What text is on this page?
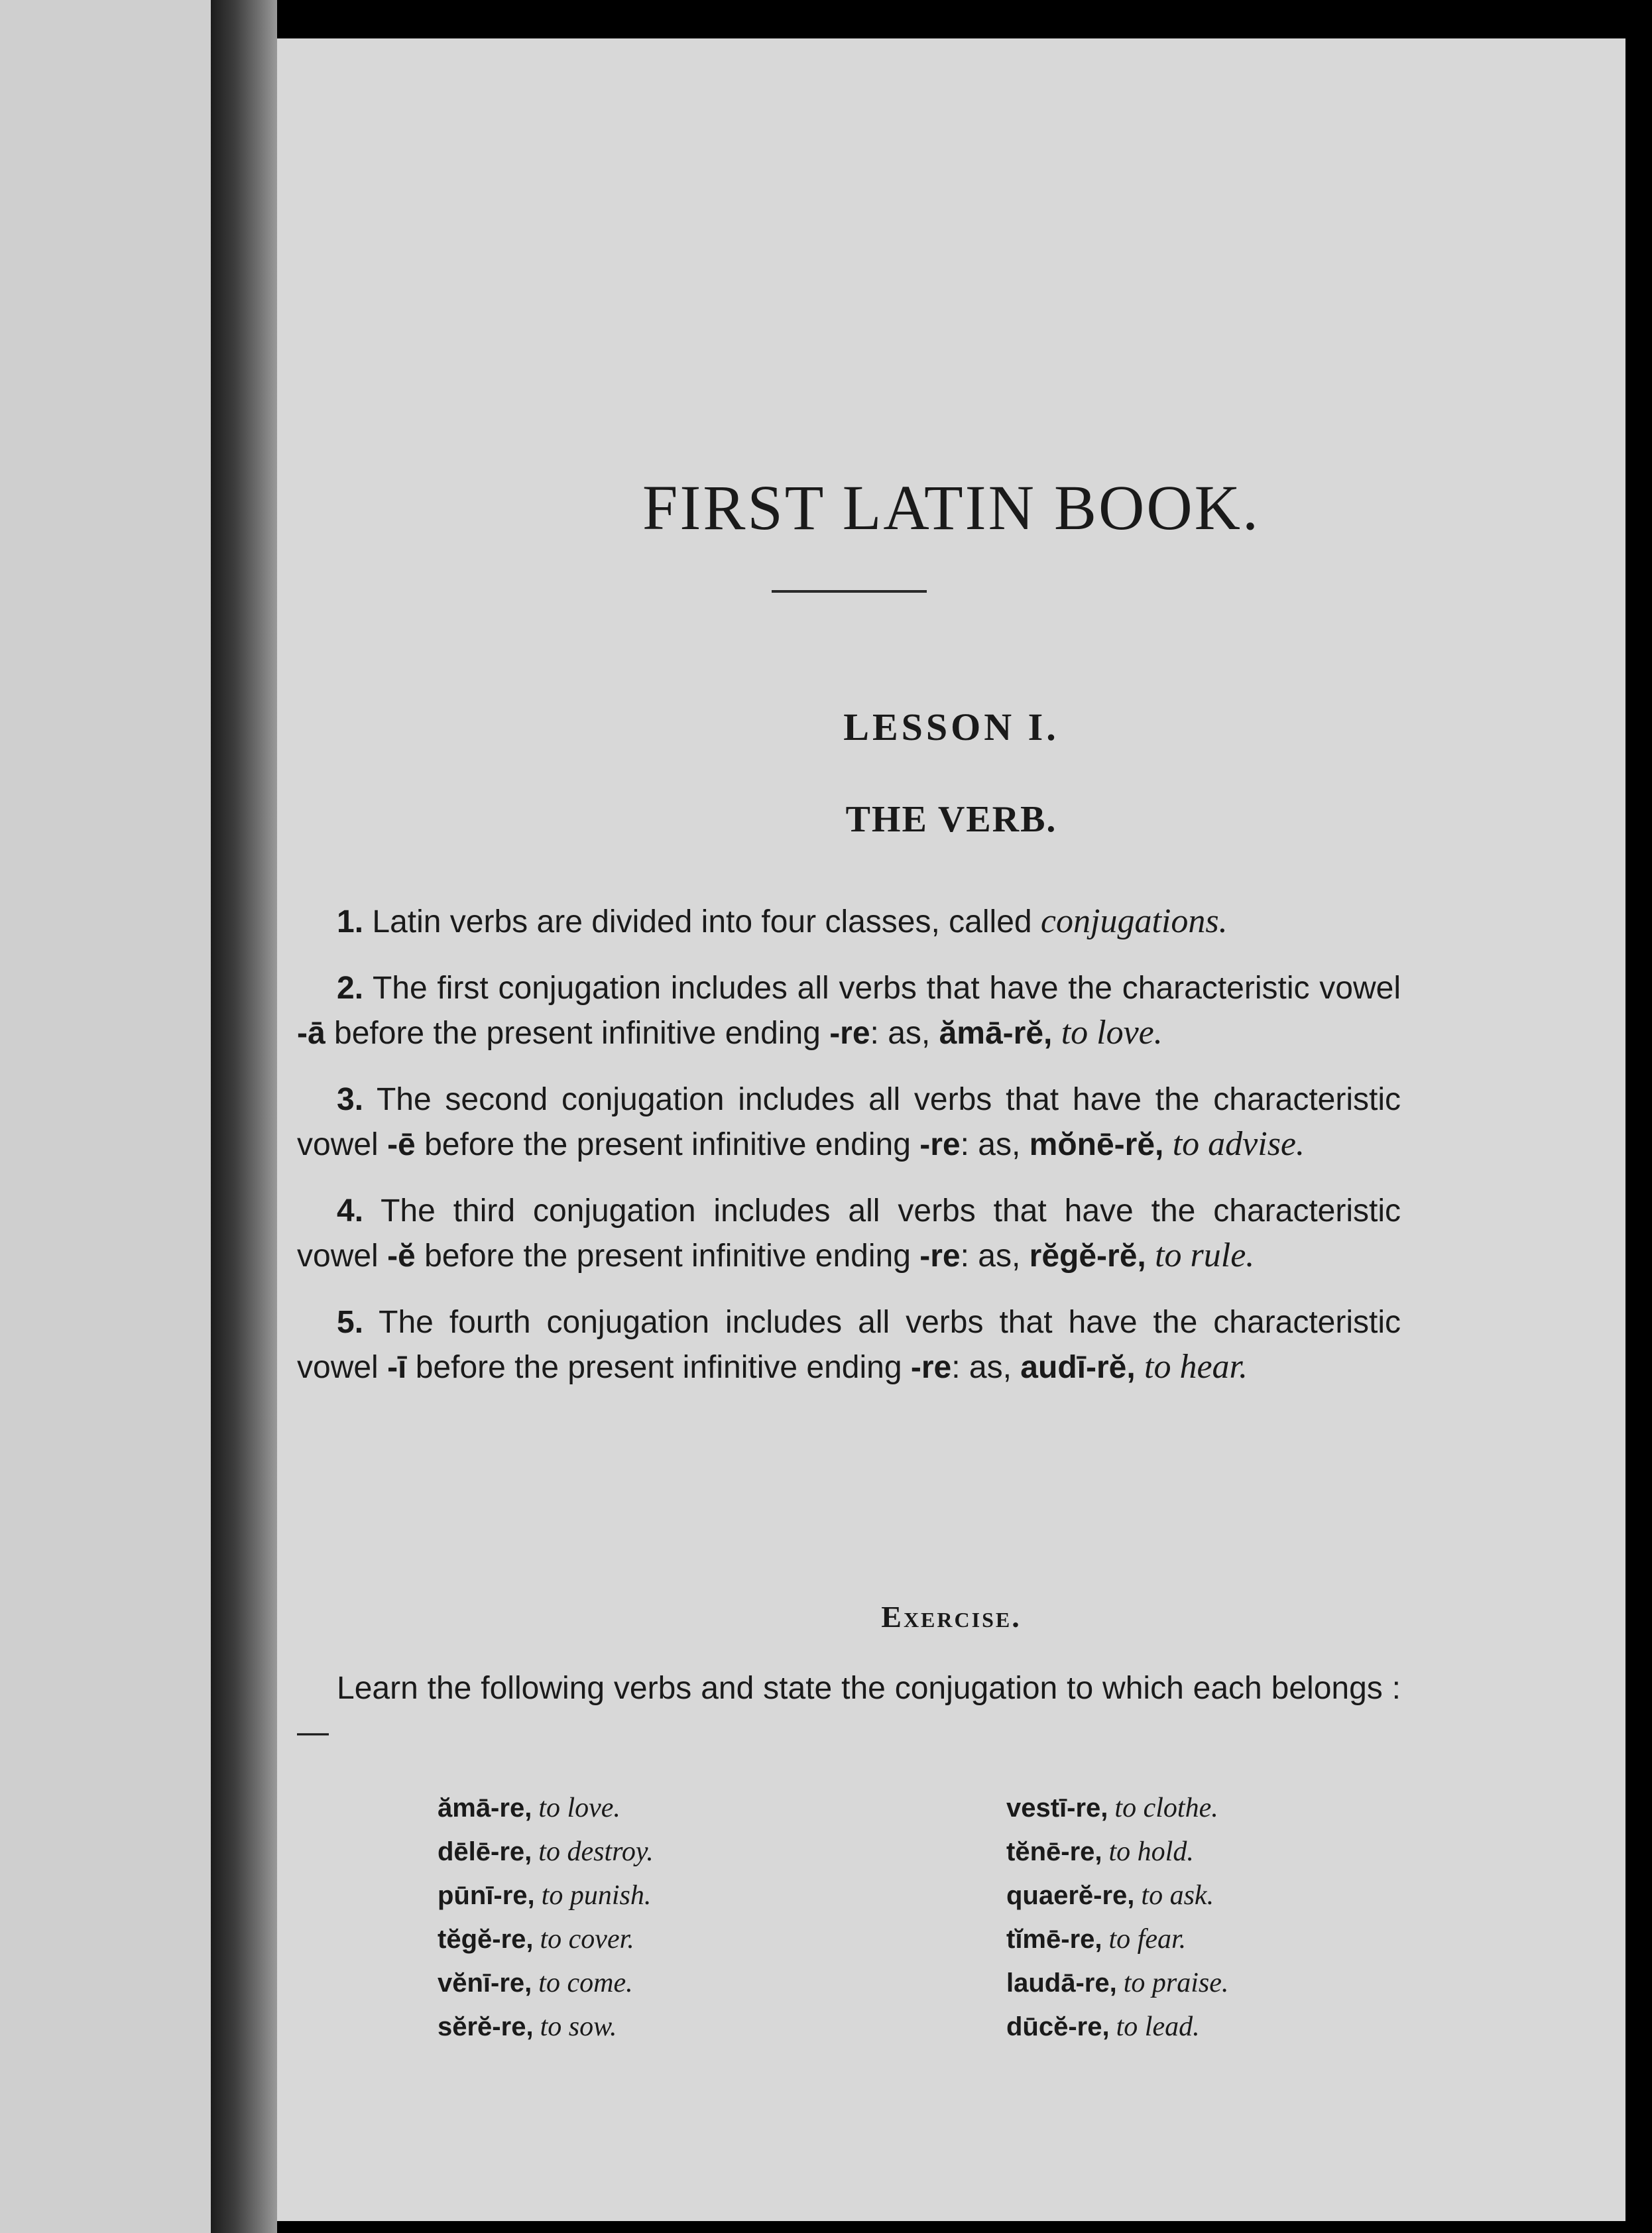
FIRST LATIN BOOK.
LESSON I.
THE VERB.

1. Latin verbs are divided into four classes, called conjugations.

2. The first conjugation includes all verbs that have the characteristic vowel -ā before the present infinitive ending -re: as, ămā-rĕ, to love.

3. The second conjugation includes all verbs that have the characteristic vowel -ē before the present infinitive ending -re: as, mŏnē-rĕ, to advise.

4. The third conjugation includes all verbs that have the characteristic vowel -ĕ before the present infinitive ending -re: as, rĕgĕ-rĕ, to rule.

5. The fourth conjugation includes all verbs that have the characteristic vowel -ī before the present infinitive ending -re: as, audī-rĕ, to hear.

Exercise.

Learn the following verbs and state the conjugation to which each belongs :—

ămā-re, to love.
dēlē-re, to destroy.
pūnī-re, to punish.
tĕgĕ-re, to cover.
vĕnī-re, to come.
sĕrĕ-re, to sow.
vestī-re, to clothe.
tĕnē-re, to hold.
quaerĕ-re, to ask.
tĭmē-re, to fear.
laudā-re, to praise.
dūcĕ-re, to lead.
